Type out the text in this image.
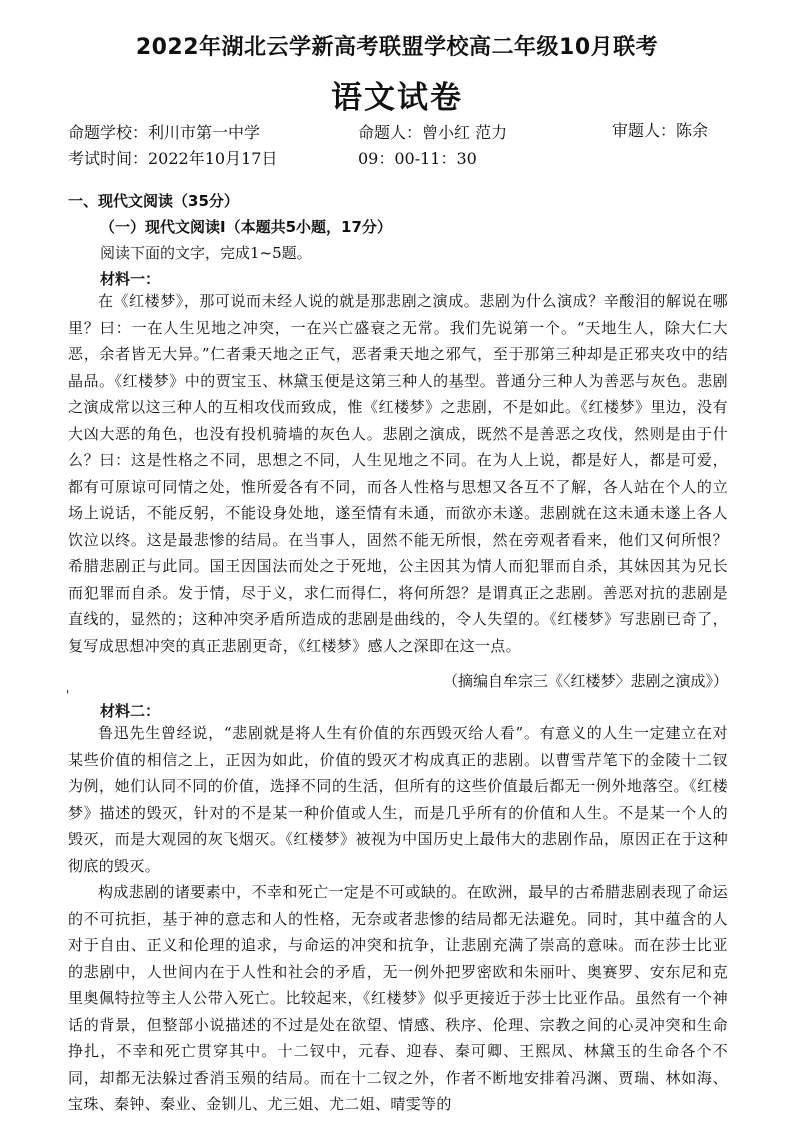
2022年湖北云学新高考联盟学校高二年级10月联考
语文试卷
命题学校：利川市第一中学	命题人：曾小红 范力	审题人：陈余
考试时间：2022年10月17日	09：00-11：30
一、现代文阅读（35分）
（一）现代文阅读Ⅰ（本题共5小题，17分）
阅读下面的文字，完成1~5题。
材料一：

在《红楼梦》，那可说而未经人说的就是那悲剧之演成。悲剧为什么演成？辛酸泪的解说在哪里？曰：一在人生见地之冲突，一在兴亡盛衰之无常。我们先说第一个。“天地生人，除大仁大恶，余者皆无大异。”仁者秉天地之正气，恶者秉天地之邪气，至于那第三种却是正邪夹攻中的结晶品。《红楼梦》中的贾宝玉、林黛玉便是这第三种人的基型。普通分三种人为善恶与灰色。悲剧之演成常以这三种人的互相攻伐而致成，惟《红楼梦》之悲剧，不是如此。《红楼梦》里边，没有大凶大恶的角色，也没有投机骑墙的灰色人。悲剧之演成，既然不是善恶之攻伐，然则是由于什么？曰：这是性格之不同，思想之不同，人生见地之不同。在为人上说，都是好人，都是可爱，都有可原谅可同情之处，惟所爱各有不同，而各人性格与思想又各互不了解，各人站在个人的立场上说话，不能反躬，不能设身处地，遂至情有未通，而欲亦未遂。悲剧就在这未通未遂上各人饮泣以终。这是最悲惨的结局。在当事人，固然不能无所恨，然在旁观者看来，他们又何所恨？希腊悲剧正与此同。国王因国法而处之于死地，公主因其为情人而犯罪而自杀，其妹因其为兄长而犯罪而自杀。发于情，尽于义，求仁而得仁，将何所怨？是谓真正之悲剧。善恶对抗的悲剧是直线的，显然的；这种冲突矛盾所造成的悲剧是曲线的，令人失望的。《红楼梦》写悲剧已奇了，复写成思想冲突的真正悲剧更奇，《红楼梦》感人之深即在这一点。

（摘编自牟宗三《〈红楼梦〉悲剧之演成》）
'
材料二：

鲁迅先生曾经说，“悲剧就是将人生有价值的东西毁灭给人看”。有意义的人生一定建立在对某些价值的相信之上，正因为如此，价值的毁灭才构成真正的悲剧。以曹雪芹笔下的金陵十二钗为例，她们认同不同的价值，选择不同的生活，但所有的这些价值最后都无一例外地落空。《红楼梦》描述的毁灭，针对的不是某一种价值或人生，而是几乎所有的价值和人生。不是某一个人的毁灭，而是大观园的灰飞烟灭。《红楼梦》被视为中国历史上最伟大的悲剧作品，原因正在于这种彻底的毁灭。

构成悲剧的诸要素中，不幸和死亡一定是不可或缺的。在欧洲，最早的古希腊悲剧表现了命运的不可抗拒，基于神的意志和人的性格，无奈或者悲惨的结局都无法避免。同时，其中蕴含的人对于自由、正义和伦理的追求，与命运的冲突和抗争，让悲剧充满了崇高的意味。而在莎士比亚的悲剧中，人世间内在于人性和社会的矛盾，无一例外把罗密欧和朱丽叶、奥赛罗、安东尼和克里奥佩特拉等主人公带入死亡。比较起来，《红楼梦》似乎更接近于莎士比亚作品。虽然有一个神话的背景，但整部小说描述的不过是处在欲望、情感、秩序、伦理、宗教之间的心灵冲突和生命挣扎，不幸和死亡贯穿其中。十二钗中，元春、迎春、秦可卿、王熙凤、林黛玉的生命各个不同，却都无法躲过香消玉殒的结局。而在十二钗之外，作者不断地安排着冯渊、贾瑞、林如海、宝珠、秦钟、秦业、金钏儿、尤三姐、尤二姐、晴雯等的
